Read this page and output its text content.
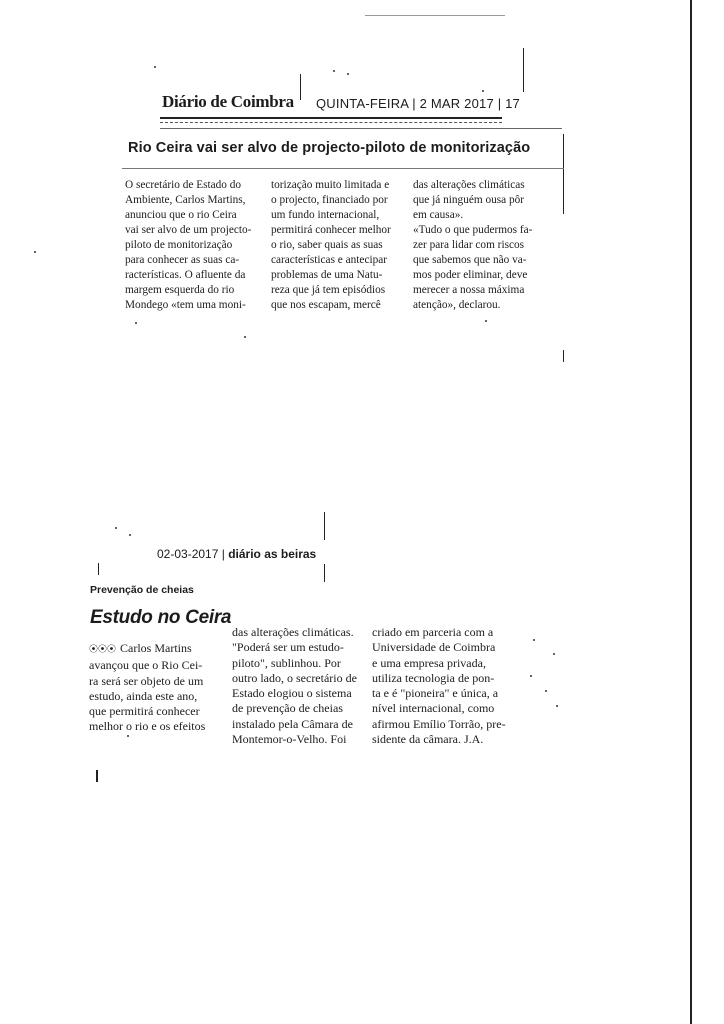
Diário de Coimbra QUINTA-FEIRA | 2 MAR 2017 | 17
Rio Ceira vai ser alvo de projecto-piloto de monitorização

O secretário de Estado do

Ambiente, Carlos Martins,

anunciou que o rio Ceira

vai ser alvo de um projecto-

piloto de monitorização

para conhecer as suas ca-

racterísticas. O afluente da

margem esquerda do rio

Mondego «tem uma moni-

torização muito limitada e

o projecto, financiado por

um fundo internacional,

permitirá conhecer melhor

o rio, saber quais as suas

características e antecipar

problemas de uma Natu-

reza que já tem episódios

que nos escapam, mercê

das alterações climáticas

que já ninguém ousa pôr

em causa».

«Tudo o que pudermos fa-

zer para lidar com riscos

que sabemos que não va-

mos poder eliminar, deve

merecer a nossa máxima

atenção», declarou.

02-03-2017 | diário as beiras
Prevenção de cheias
Estudo no Ceira

⦿⦿⦿ Carlos Martins

avançou que o Rio Cei-

ra será ser objeto de um

estudo, ainda este ano,

que permitirá conhecer

melhor o rio e os efeitos

das alterações climáticas.

"Poderá ser um estudo-

piloto", sublinhou. Por

outro lado, o secretário de

Estado elogiou o sistema

de prevenção de cheias

instalado pela Câmara de

Montemor-o-Velho. Foi

criado em parceria com a

Universidade de Coimbra

e uma empresa privada,

utiliza tecnologia de pon-

ta e é "pioneira" e única, a

nível internacional, como

afirmou Emílio Torrão, pre-

sidente da câmara. J.A.
